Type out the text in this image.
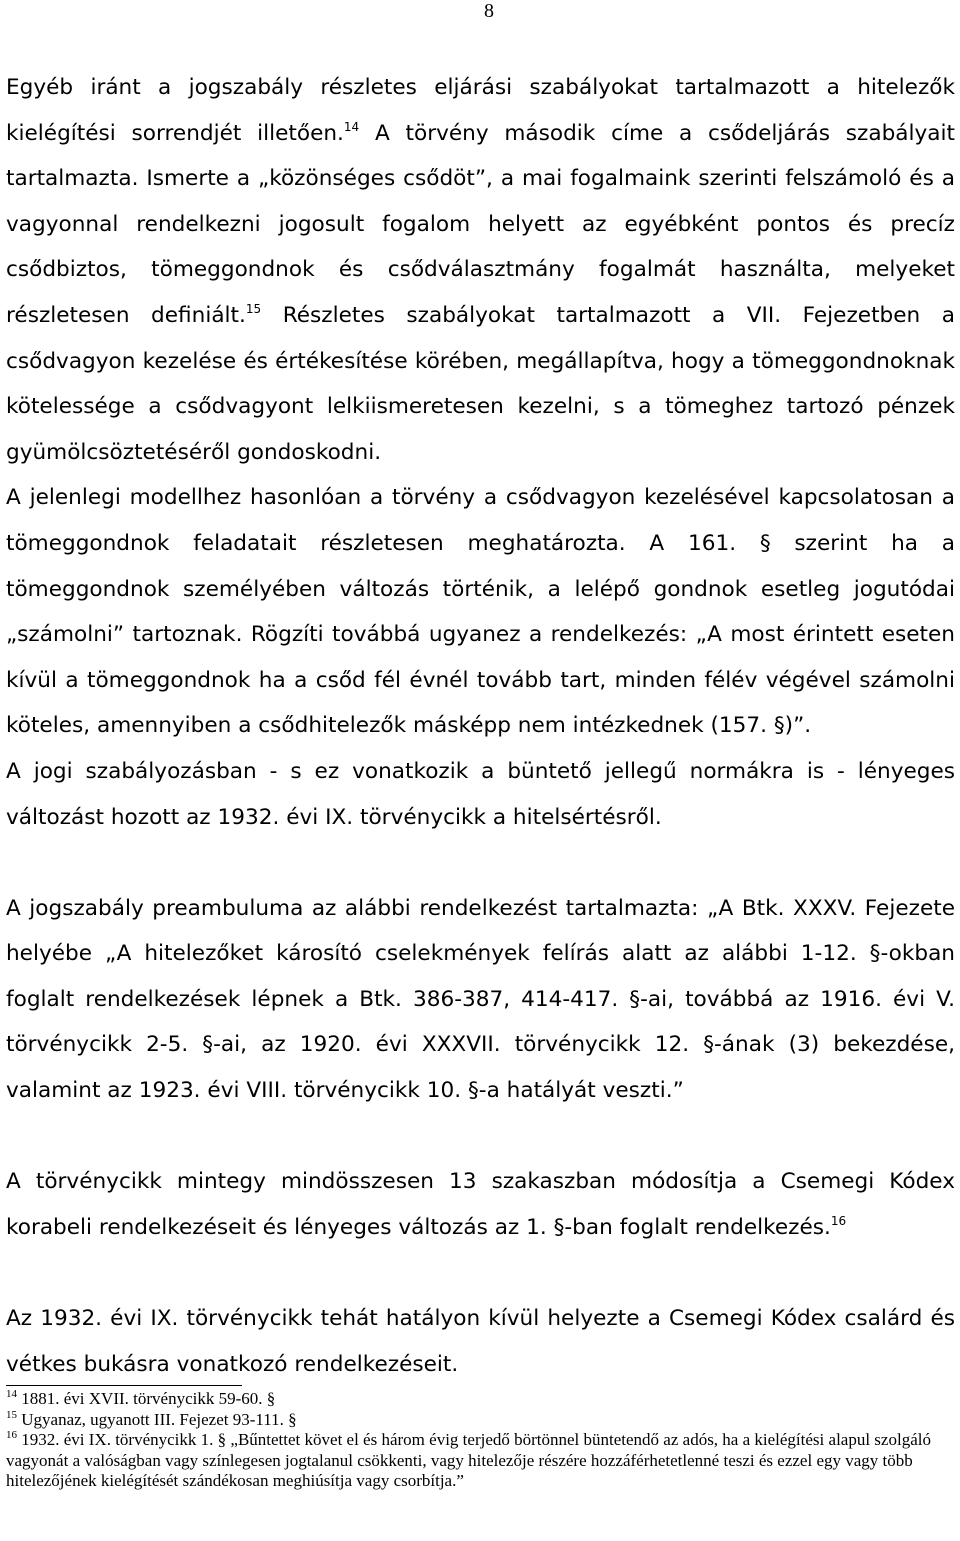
8

Egyéb iránt a jogszabály részletes eljárási szabályokat tartalmazott a hitelezők kielégítési sorrendjét illetően.$^{14}$ A törvény második címe a csődeljárás szabályait tartalmazta. Ismerte a „közönséges csődöt”, a mai fogalmaink szerinti felszámoló és a vagyonnal rendelkezni jogosult fogalom helyett az egyébként pontos és precíz csődbiztos, tömeggondnok és csődválasztmány fogalmát használta, melyeket részletesen definiált.$^{15}$ Részletes szabályokat tartalmazott a VII. Fejezetben a csődvagyon kezelése és értékesítése körében, megállapítva, hogy a tömeggondnoknak kötelessége a csődvagyont lelkiismeretesen kezelni, s a tömeghez tartozó pénzek gyümölcsöztetéséről gondoskodni.

A jelenlegi modellhez hasonlóan a törvény a csődvagyon kezelésével kapcsolatosan a tömeggondnok feladatait részletesen meghatározta. A 161. § szerint ha a tömeggondnok személyében változás történik, a lelépő gondnok esetleg jogutódai „számolni” tartoznak. Rögzíti továbbá ugyanez a rendelkezés: „A most érintett eseten kívül a tömeggondnok ha a csőd fél évnél tovább tart, minden félév végével számolni köteles, amennyiben a csődhitelezők másképp nem intézkednek (157. §)”.

A jogi szabályozásban - s ez vonatkozik a büntető jellegű normákra is - lényeges változást hozott az 1932. évi IX. törvénycikk a hitelsértésről.

A jogszabály preambuluma az alábbi rendelkezést tartalmazta: „A Btk. XXXV. Fejezete helyébe „A hitelezőket károsító cselekmények felírás alatt az alábbi 1-12. §-okban foglalt rendelkezések lépnek a Btk. 386-387, 414-417. §-ai, továbbá az 1916. évi V. törvénycikk 2-5. §-ai, az 1920. évi XXXVII. törvénycikk 12. §-ának (3) bekezdése, valamint az 1923. évi VIII. törvénycikk 10. §-a hatályát veszti.”

A törvénycikk mintegy mindösszesen 13 szakaszban módosítja a Csemegi Kódex korabeli rendelkezéseit és lényeges változás az 1. §-ban foglalt rendelkezés.$^{16}$

Az 1932. évi IX. törvénycikk tehát hatályon kívül helyezte a Csemegi Kódex csalárd és vétkes bukásra vonatkozó rendelkezéseit.

$^{14}$ 1881. évi XVII. törvénycikk 59-60. §

$^{15}$ Ugyanaz, ugyanott III. Fejezet 93-111. §

$^{16}$ 1932. évi IX. törvénycikk 1. § „Bűntettet követ el és három évig terjedő börtönnel büntetendő az adós, ha a kielégítési alapul szolgáló vagyonát a valóságban vagy színlegesen jogtalanul csökkenti, vagy hitelezője részére hozzáférhetetlenné teszi és ezzel egy vagy több hitelezőjének kielégítését szándékosan meghiúsítja vagy csorbítja.”
